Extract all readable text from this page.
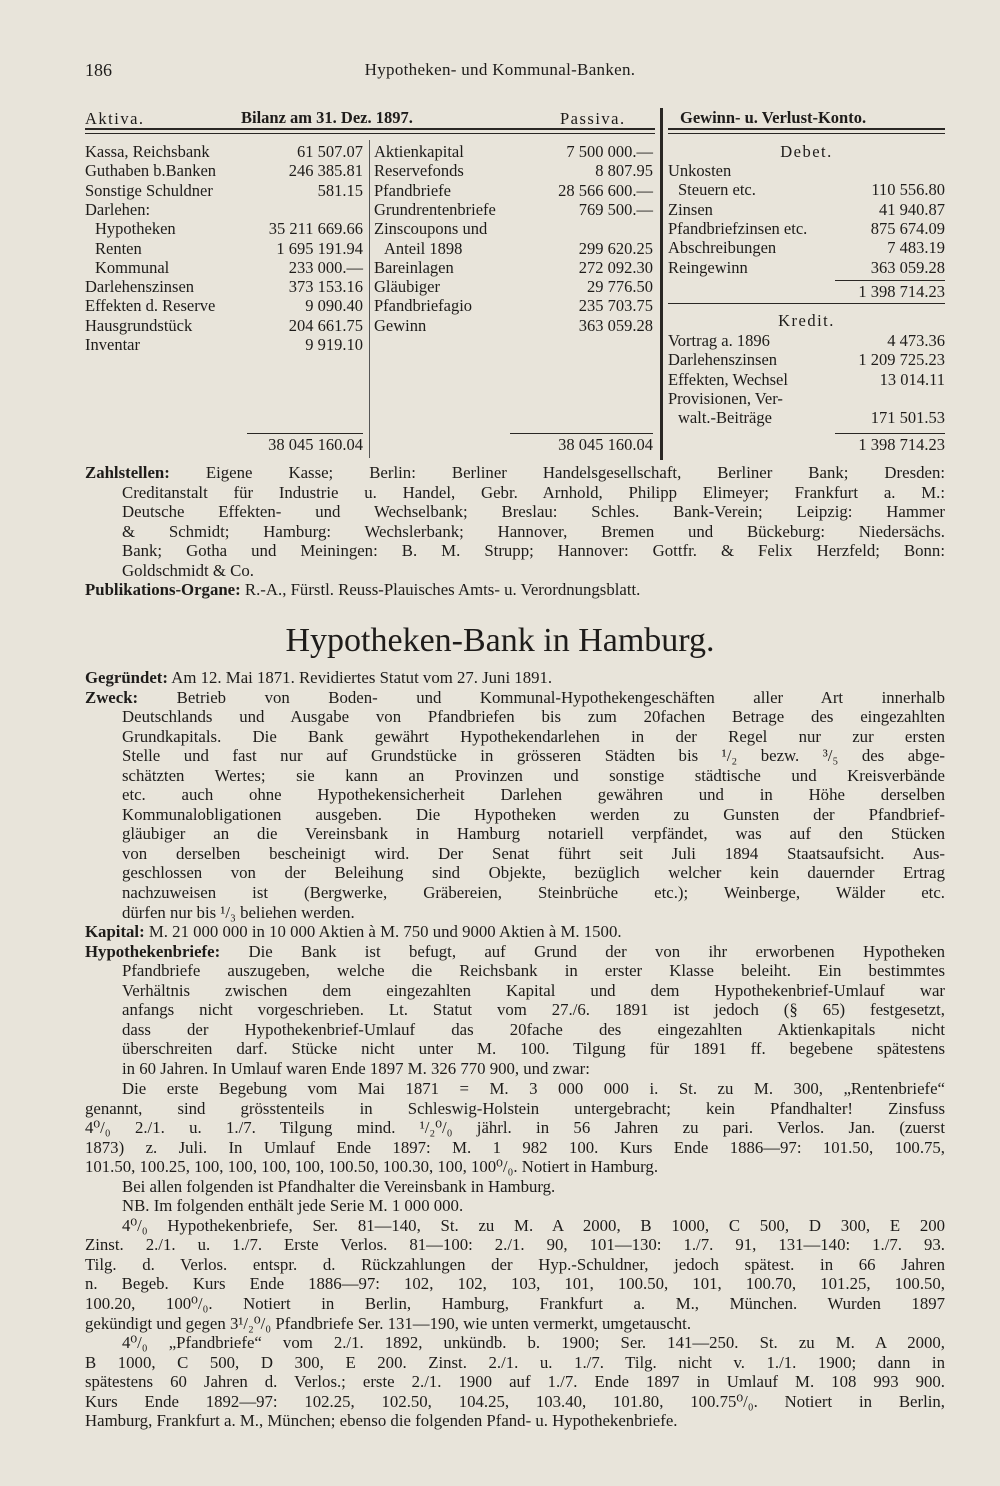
186	Hypotheken- und Kommunal-Banken.
Aktiva.	Bilanz am 31. Dez. 1897.	Passiva.	Gewinn- u. Verlust-Konto.
Kassa, Reichsbank	61 507.07
Guthaben b.Banken	246 385.81
Sonstige Schuldner	581.15
Darlehen:
Hypotheken	35 211 669.66
Renten	1 695 191.94
Kommunal	233 000.—
Darlehenszinsen	373 153.16
Effekten d. Reserve	9 090.40
Hausgrundstück	204 661.75
Inventar	9 919.10
Aktienkapital	7 500 000.—
Reservefonds	8 807.95
Pfandbriefe	28 566 600.—
Grundrentenbriefe	769 500.—
Zinscoupons und
Anteil 1898	299 620.25
Bareinlagen	272 092.30
Gläubiger	29 776.50
Pfandbriefagio	235 703.75
Gewinn	363 059.28
38 045 160.04	38 045 160.04
Debet.
Unkosten
Steuern etc.	110 556.80
Zinsen	41 940.87
Pfandbriefzinsen etc.	875 674.09
Abschreibungen	7 483.19
Reingewinn	363 059.28
1 398 714.23
Kredit.
Vortrag a. 1896	4 473.36
Darlehenszinsen	1 209 725.23
Effekten, Wechsel	13 014.11
Provisionen, Ver-
walt.-Beiträge	171 501.53
1 398 714.23
Zahlstellen: Eigene Kasse; Berlin: Berliner Handelsgesellschaft, Berliner Bank; Dresden:
Creditanstalt für Industrie u. Handel, Gebr. Arnhold, Philipp Elimeyer; Frankfurt a. M.:
Deutsche Effekten- und Wechselbank; Breslau: Schles. Bank-Verein; Leipzig: Hammer
& Schmidt; Hamburg: Wechslerbank; Hannover, Bremen und Bückeburg: Niedersächs.
Bank; Gotha und Meiningen: B. M. Strupp; Hannover: Gottfr. & Felix Herzfeld; Bonn:
Goldschmidt & Co.
Publikations-Organe: R.-A., Fürstl. Reuss-Plauisches Amts- u. Verordnungsblatt.
Hypotheken-Bank in Hamburg.
Gegründet: Am 12. Mai 1871. Revidiertes Statut vom 27. Juni 1891.
Zweck: Betrieb von Boden- und Kommunal-Hypothekengeschäften aller Art innerhalb
Deutschlands und Ausgabe von Pfandbriefen bis zum 20fachen Betrage des eingezahlten
Grundkapitals. Die Bank gewährt Hypothekendarlehen in der Regel nur zur ersten
Stelle und fast nur auf Grundstücke in grösseren Städten bis ¹/₂ bezw. ³/₅ des abge-
schätzten Wertes; sie kann an Provinzen und sonstige städtische und Kreisverbände
etc. auch ohne Hypothekensicherheit Darlehen gewähren und in Höhe derselben
Kommunalobligationen ausgeben. Die Hypotheken werden zu Gunsten der Pfandbrief-
gläubiger an die Vereinsbank in Hamburg notariell verpfändet, was auf den Stücken
von derselben bescheinigt wird. Der Senat führt seit Juli 1894 Staatsaufsicht. Aus-
geschlossen von der Beleihung sind Objekte, bezüglich welcher kein dauernder Ertrag
nachzuweisen ist (Bergwerke, Gräbereien, Steinbrüche etc.); Weinberge, Wälder etc.
dürfen nur bis ¹/₃ beliehen werden.
Kapital: M. 21 000 000 in 10 000 Aktien à M. 750 und 9000 Aktien à M. 1500.
Hypothekenbriefe: Die Bank ist befugt, auf Grund der von ihr erworbenen Hypotheken
Pfandbriefe auszugeben, welche die Reichsbank in erster Klasse beleiht. Ein bestimmtes
Verhältnis zwischen dem eingezahlten Kapital und dem Hypothekenbrief-Umlauf war
anfangs nicht vorgeschrieben. Lt. Statut vom 27./6. 1891 ist jedoch (§ 65) festgesetzt,
dass der Hypothekenbrief-Umlauf das 20fache des eingezahlten Aktienkapitals nicht
überschreiten darf. Stücke nicht unter M. 100. Tilgung für 1891 ff. begebene spätestens
in 60 Jahren. In Umlauf waren Ende 1897 M. 326 770 900, und zwar:
Die erste Begebung vom Mai 1871 = M. 3 000 000 i. St. zu M. 300, „Rentenbriefe“
genannt, sind grösstenteils in Schleswig-Holstein untergebracht; kein Pfandhalter! Zinsfuss
4⁰/₀ 2./1. u. 1./7. Tilgung mind. ¹/₂⁰/₀ jährl. in 56 Jahren zu pari. Verlos. Jan. (zuerst
1873) z. Juli. In Umlauf Ende 1897: M. 1 982 100. Kurs Ende 1886—97: 101.50, 100.75,
101.50, 100.25, 100, 100, 100, 100, 100.50, 100.30, 100, 100⁰/₀. Notiert in Hamburg.
Bei allen folgenden ist Pfandhalter die Vereinsbank in Hamburg.
NB. Im folgenden enthält jede Serie M. 1 000 000.
4⁰/₀ Hypothekenbriefe, Ser. 81—140, St. zu M. A 2000, B 1000, C 500, D 300, E 200
Zinst. 2./1. u. 1./7. Erste Verlos. 81—100: 2./1. 90, 101—130: 1./7. 91, 131—140: 1./7. 93.
Tilg. d. Verlos. entspr. d. Rückzahlungen der Hyp.-Schuldner, jedoch spätest. in 66 Jahren
n. Begeb. Kurs Ende 1886—97: 102, 102, 103, 101, 100.50, 101, 100.70, 101.25, 100.50,
100.20, 100⁰/₀. Notiert in Berlin, Hamburg, Frankfurt a. M., München. Wurden 1897
gekündigt und gegen 3¹/₂⁰/₀ Pfandbriefe Ser. 131—190, wie unten vermerkt, umgetauscht.
4⁰/₀ „Pfandbriefe“ vom 2./1. 1892, unkündb. b. 1900; Ser. 141—250. St. zu M. A 2000,
B 1000, C 500, D 300, E 200. Zinst. 2./1. u. 1./7. Tilg. nicht v. 1./1. 1900; dann in
spätestens 60 Jahren d. Verlos.; erste 2./1. 1900 auf 1./7. Ende 1897 in Umlauf M. 108 993 900.
Kurs Ende 1892—97: 102.25, 102.50, 104.25, 103.40, 101.80, 100.75⁰/₀. Notiert in Berlin,
Hamburg, Frankfurt a. M., München; ebenso die folgenden Pfand- u. Hypothekenbriefe.
